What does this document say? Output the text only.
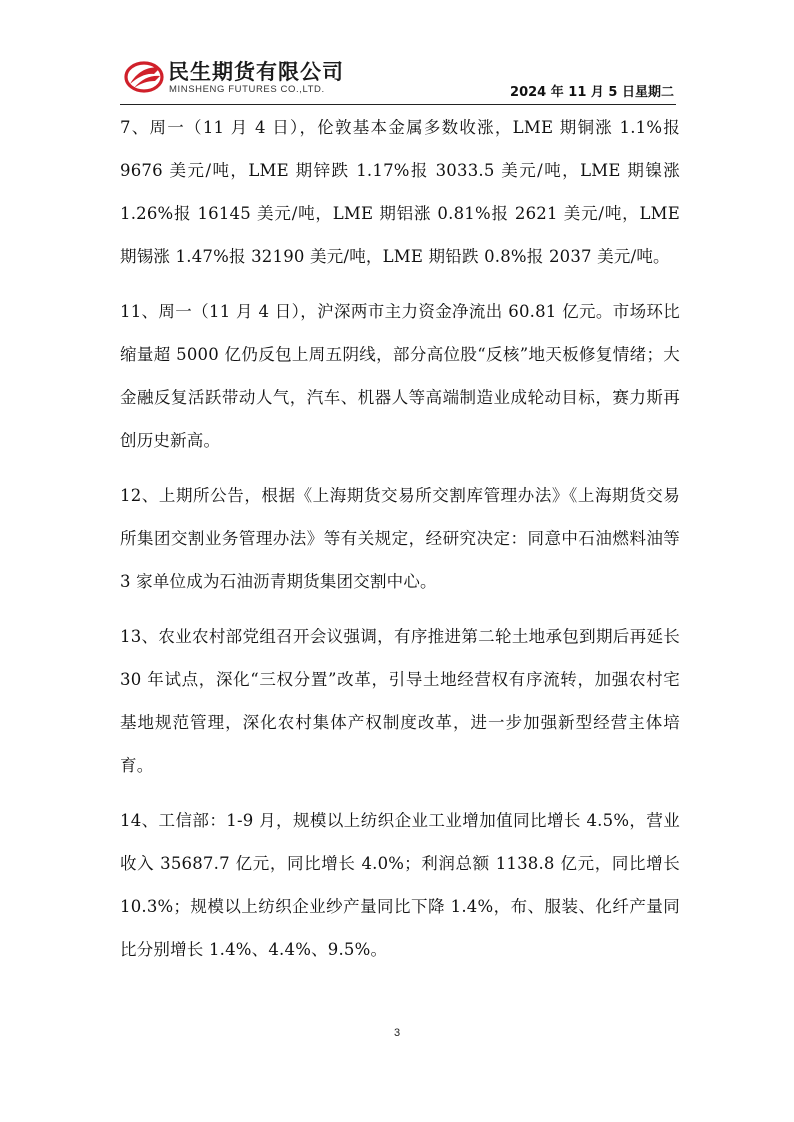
民生期货有限公司
MINSHENG FUTURES CO.,LTD.	2024 年 11 月 5 日星期二

7、周一（11 月 4 日），伦敦基本金属多数收涨，LME 期铜涨 1.1%报 9676 美元/吨，LME 期锌跌 1.17%报 3033.5 美元/吨，LME 期镍涨 1.26%报 16145 美元/吨，LME 期铝涨 0.81%报 2621 美元/吨，LME 期锡涨 1.47%报 32190 美元/吨，LME 期铅跌 0.8%报 2037 美元/吨。

11、周一（11 月 4 日），沪深两市主力资金净流出 60.81 亿元。市场环比缩量超 5000 亿仍反包上周五阴线，部分高位股“反核”地天板修复情绪；大金融反复活跃带动人气，汽车、机器人等高端制造业成轮动目标，赛力斯再创历史新高。

12、上期所公告，根据《上海期货交易所交割库管理办法》《上海期货交易所集团交割业务管理办法》等有关规定，经研究决定：同意中石油燃料油等 3 家单位成为石油沥青期货集团交割中心。

13、农业农村部党组召开会议强调，有序推进第二轮土地承包到期后再延长 30 年试点，深化“三权分置”改革，引导土地经营权有序流转，加强农村宅基地规范管理，深化农村集体产权制度改革，进一步加强新型经营主体培育。

14、工信部：1-9 月，规模以上纺织企业工业增加值同比增长 4.5%，营业收入 35687.7 亿元，同比增长 4.0%；利润总额 1138.8 亿元，同比增长 10.3%；规模以上纺织企业纱产量同比下降 1.4%，布、服装、化纤产量同比分别增长 1.4%、4.4%、9.5%。

3
